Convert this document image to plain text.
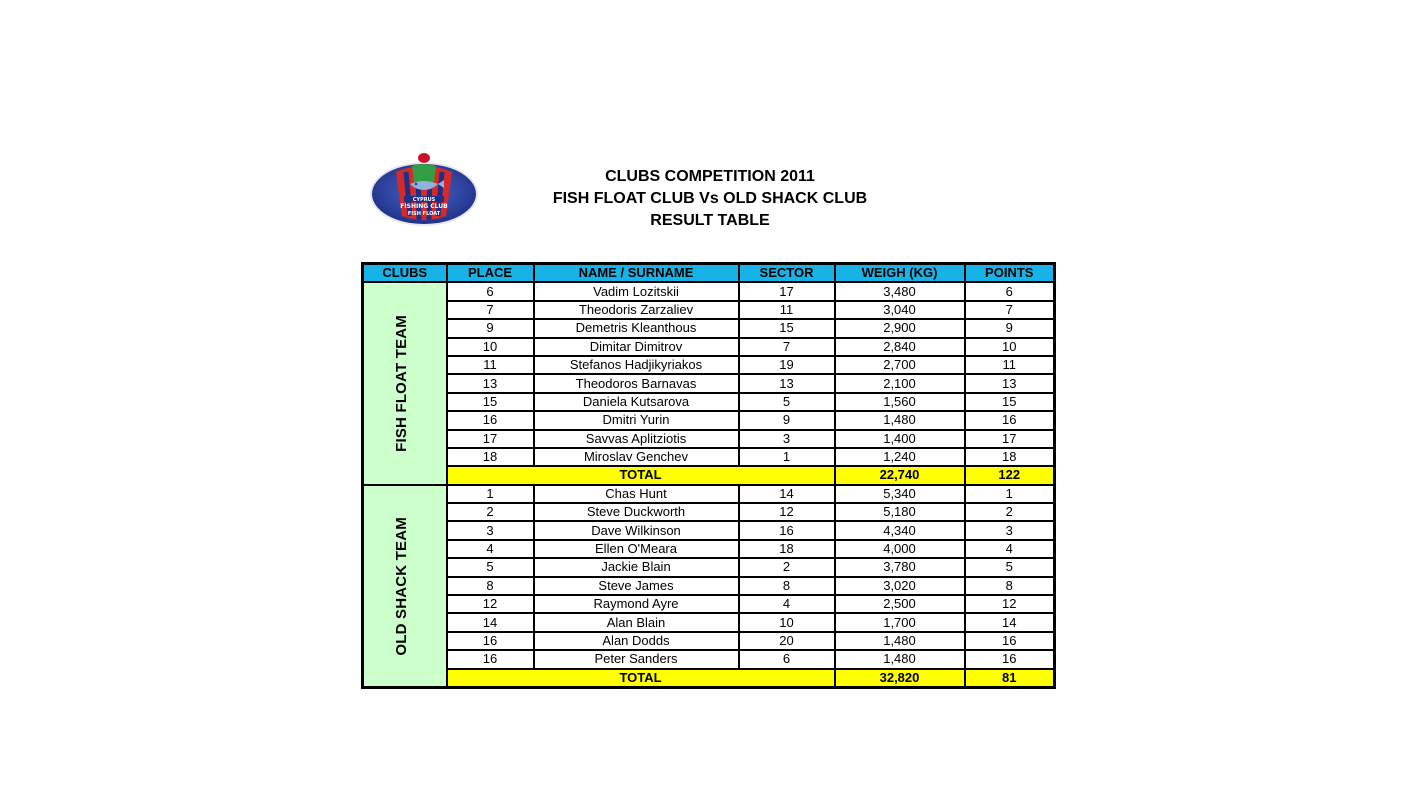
CYPRUS
FISHING CLUB
FISH FLOAT
CLUBS COMPETITION 2011
FISH FLOAT CLUB Vs OLD SHACK CLUB
RESULT TABLE
CLUBS	PLACE	NAME / SURNAME	SECTOR	WEIGH (KG)	POINTS

FISH FLOAT TEAM	6	Vadim Lozitskii	17	3,480	6
	7	Theodoris Zarzaliev	11	3,040	7
	9	Demetris Kleanthous	15	2,900	9
	10	Dimitar Dimitrov	7	2,840	10
	11	Stefanos Hadjikyriakos	19	2,700	11
	13	Theodoros Barnavas	13	2,100	13
	15	Daniela Kutsarova	5	1,560	15
	16	Dmitri Yurin	9	1,480	16
	17	Savvas Aplitziotis	3	1,400	17
	18	Miroslav Genchev	1	1,240	18
	TOTAL			22,740	122

OLD SHACK TEAM	1	Chas Hunt	14	5,340	1
	2	Steve Duckworth	12	5,180	2
	3	Dave Wilkinson	16	4,340	3
	4	Ellen O'Meara	18	4,000	4
	5	Jackie Blain	2	3,780	5
	8	Steve James	8	3,020	8
	12	Raymond Ayre	4	2,500	12
	14	Alan Blain	10	1,700	14
	16	Alan Dodds	20	1,480	16
	16	Peter Sanders	6	1,480	16
	TOTAL			32,820	81
